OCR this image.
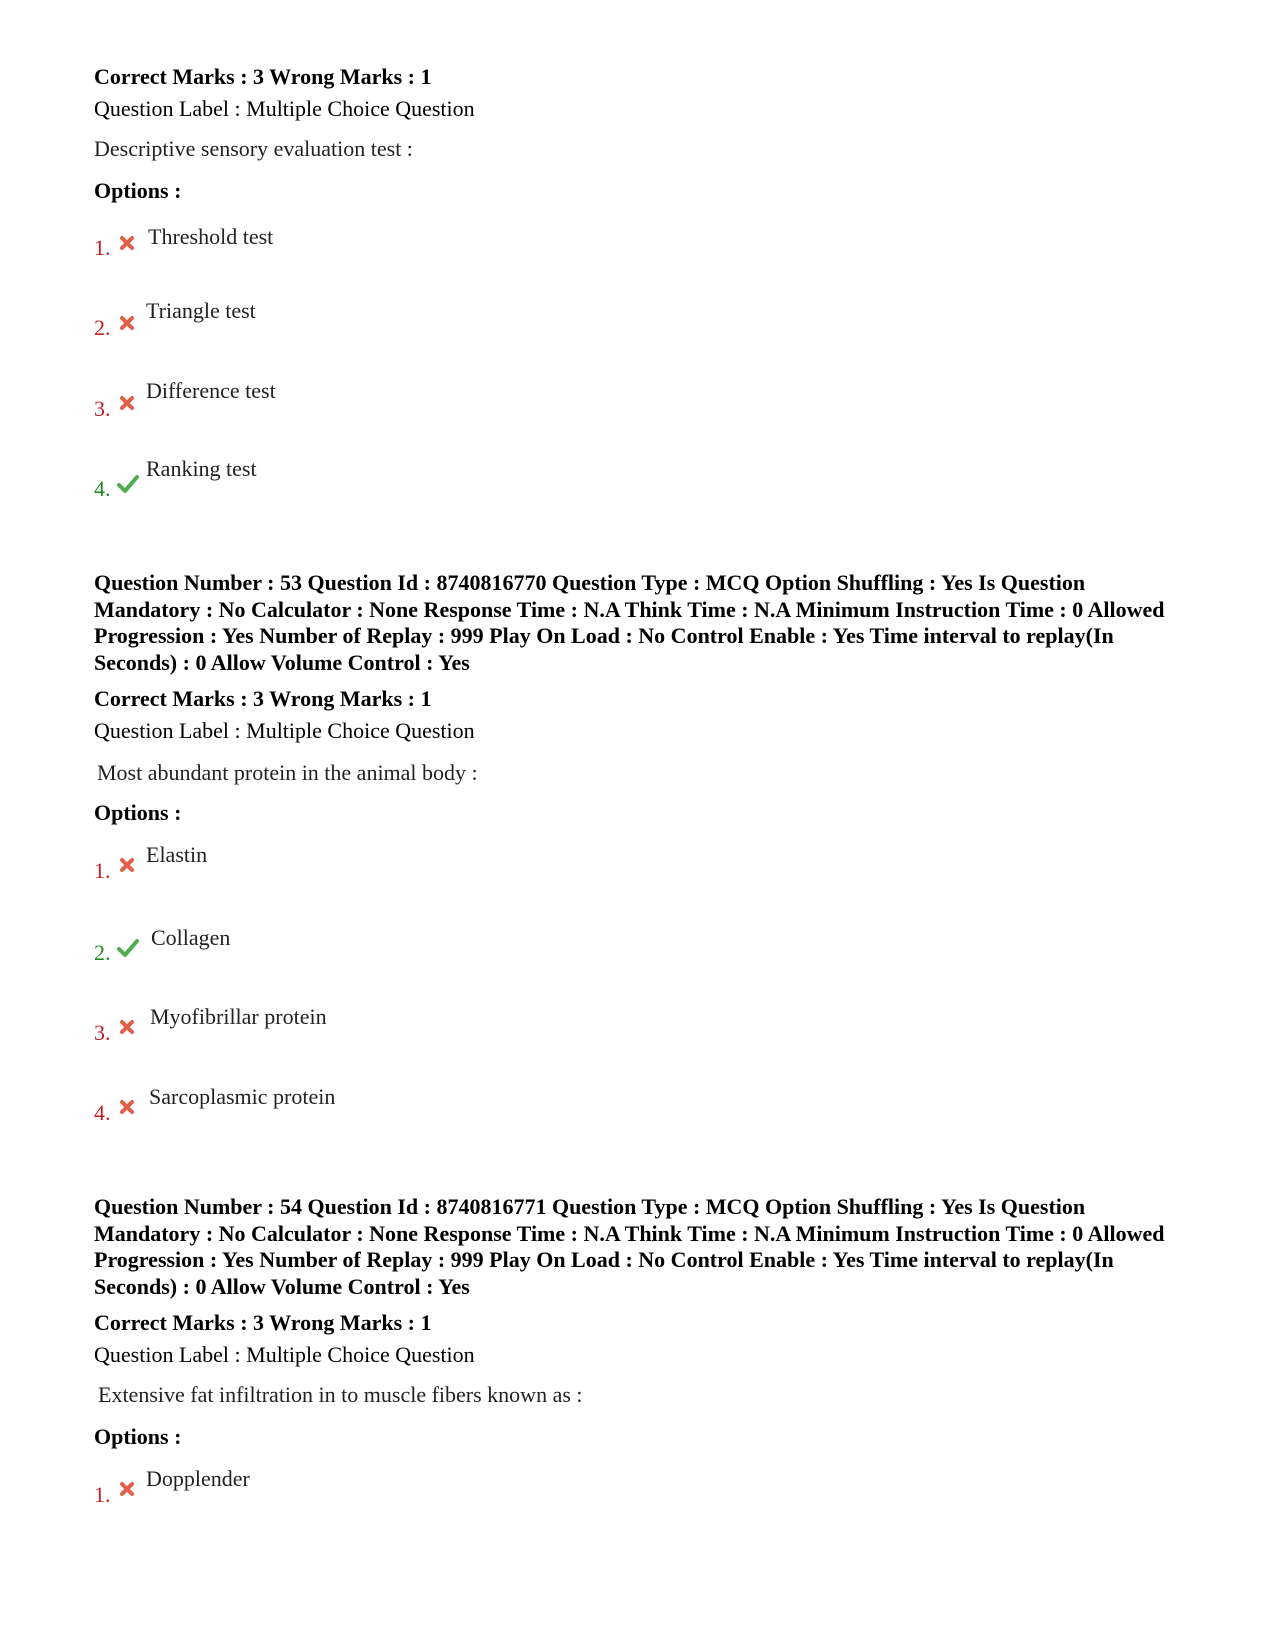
Correct Marks : 3 Wrong Marks : 1
Question Label : Multiple Choice Question
Descriptive sensory evaluation test :
Options :
1. Threshold test
2.
Triangle test
3.
Difference test
4.
Ranking test
Question Number : 53 Question Id : 8740816770 Question Type : MCQ Option Shuffling : Yes Is Question Mandatory : No Calculator : None Response Time : N.A Think Time : N.A Minimum Instruction Time : 0 Allowed Progression : Yes Number of Replay : 999 Play On Load : No Control Enable : Yes Time interval to replay(In Seconds) : 0 Allow Volume Control : Yes
Correct Marks : 3 Wrong Marks : 1
Question Label : Multiple Choice Question
Most abundant protein in the animal body :
Options :
1.
Elastin
2.
Collagen
3.
Myofibrillar protein
4.
Sarcoplasmic protein
Question Number : 54 Question Id : 8740816771 Question Type : MCQ Option Shuffling : Yes Is Question Mandatory : No Calculator : None Response Time : N.A Think Time : N.A Minimum Instruction Time : 0 Allowed Progression : Yes Number of Replay : 999 Play On Load : No Control Enable : Yes Time interval to replay(In Seconds) : 0 Allow Volume Control : Yes
Correct Marks : 3 Wrong Marks : 1
Question Label : Multiple Choice Question
Extensive fat infiltration in to muscle fibers known as :
Options :
1.
Dopplender
